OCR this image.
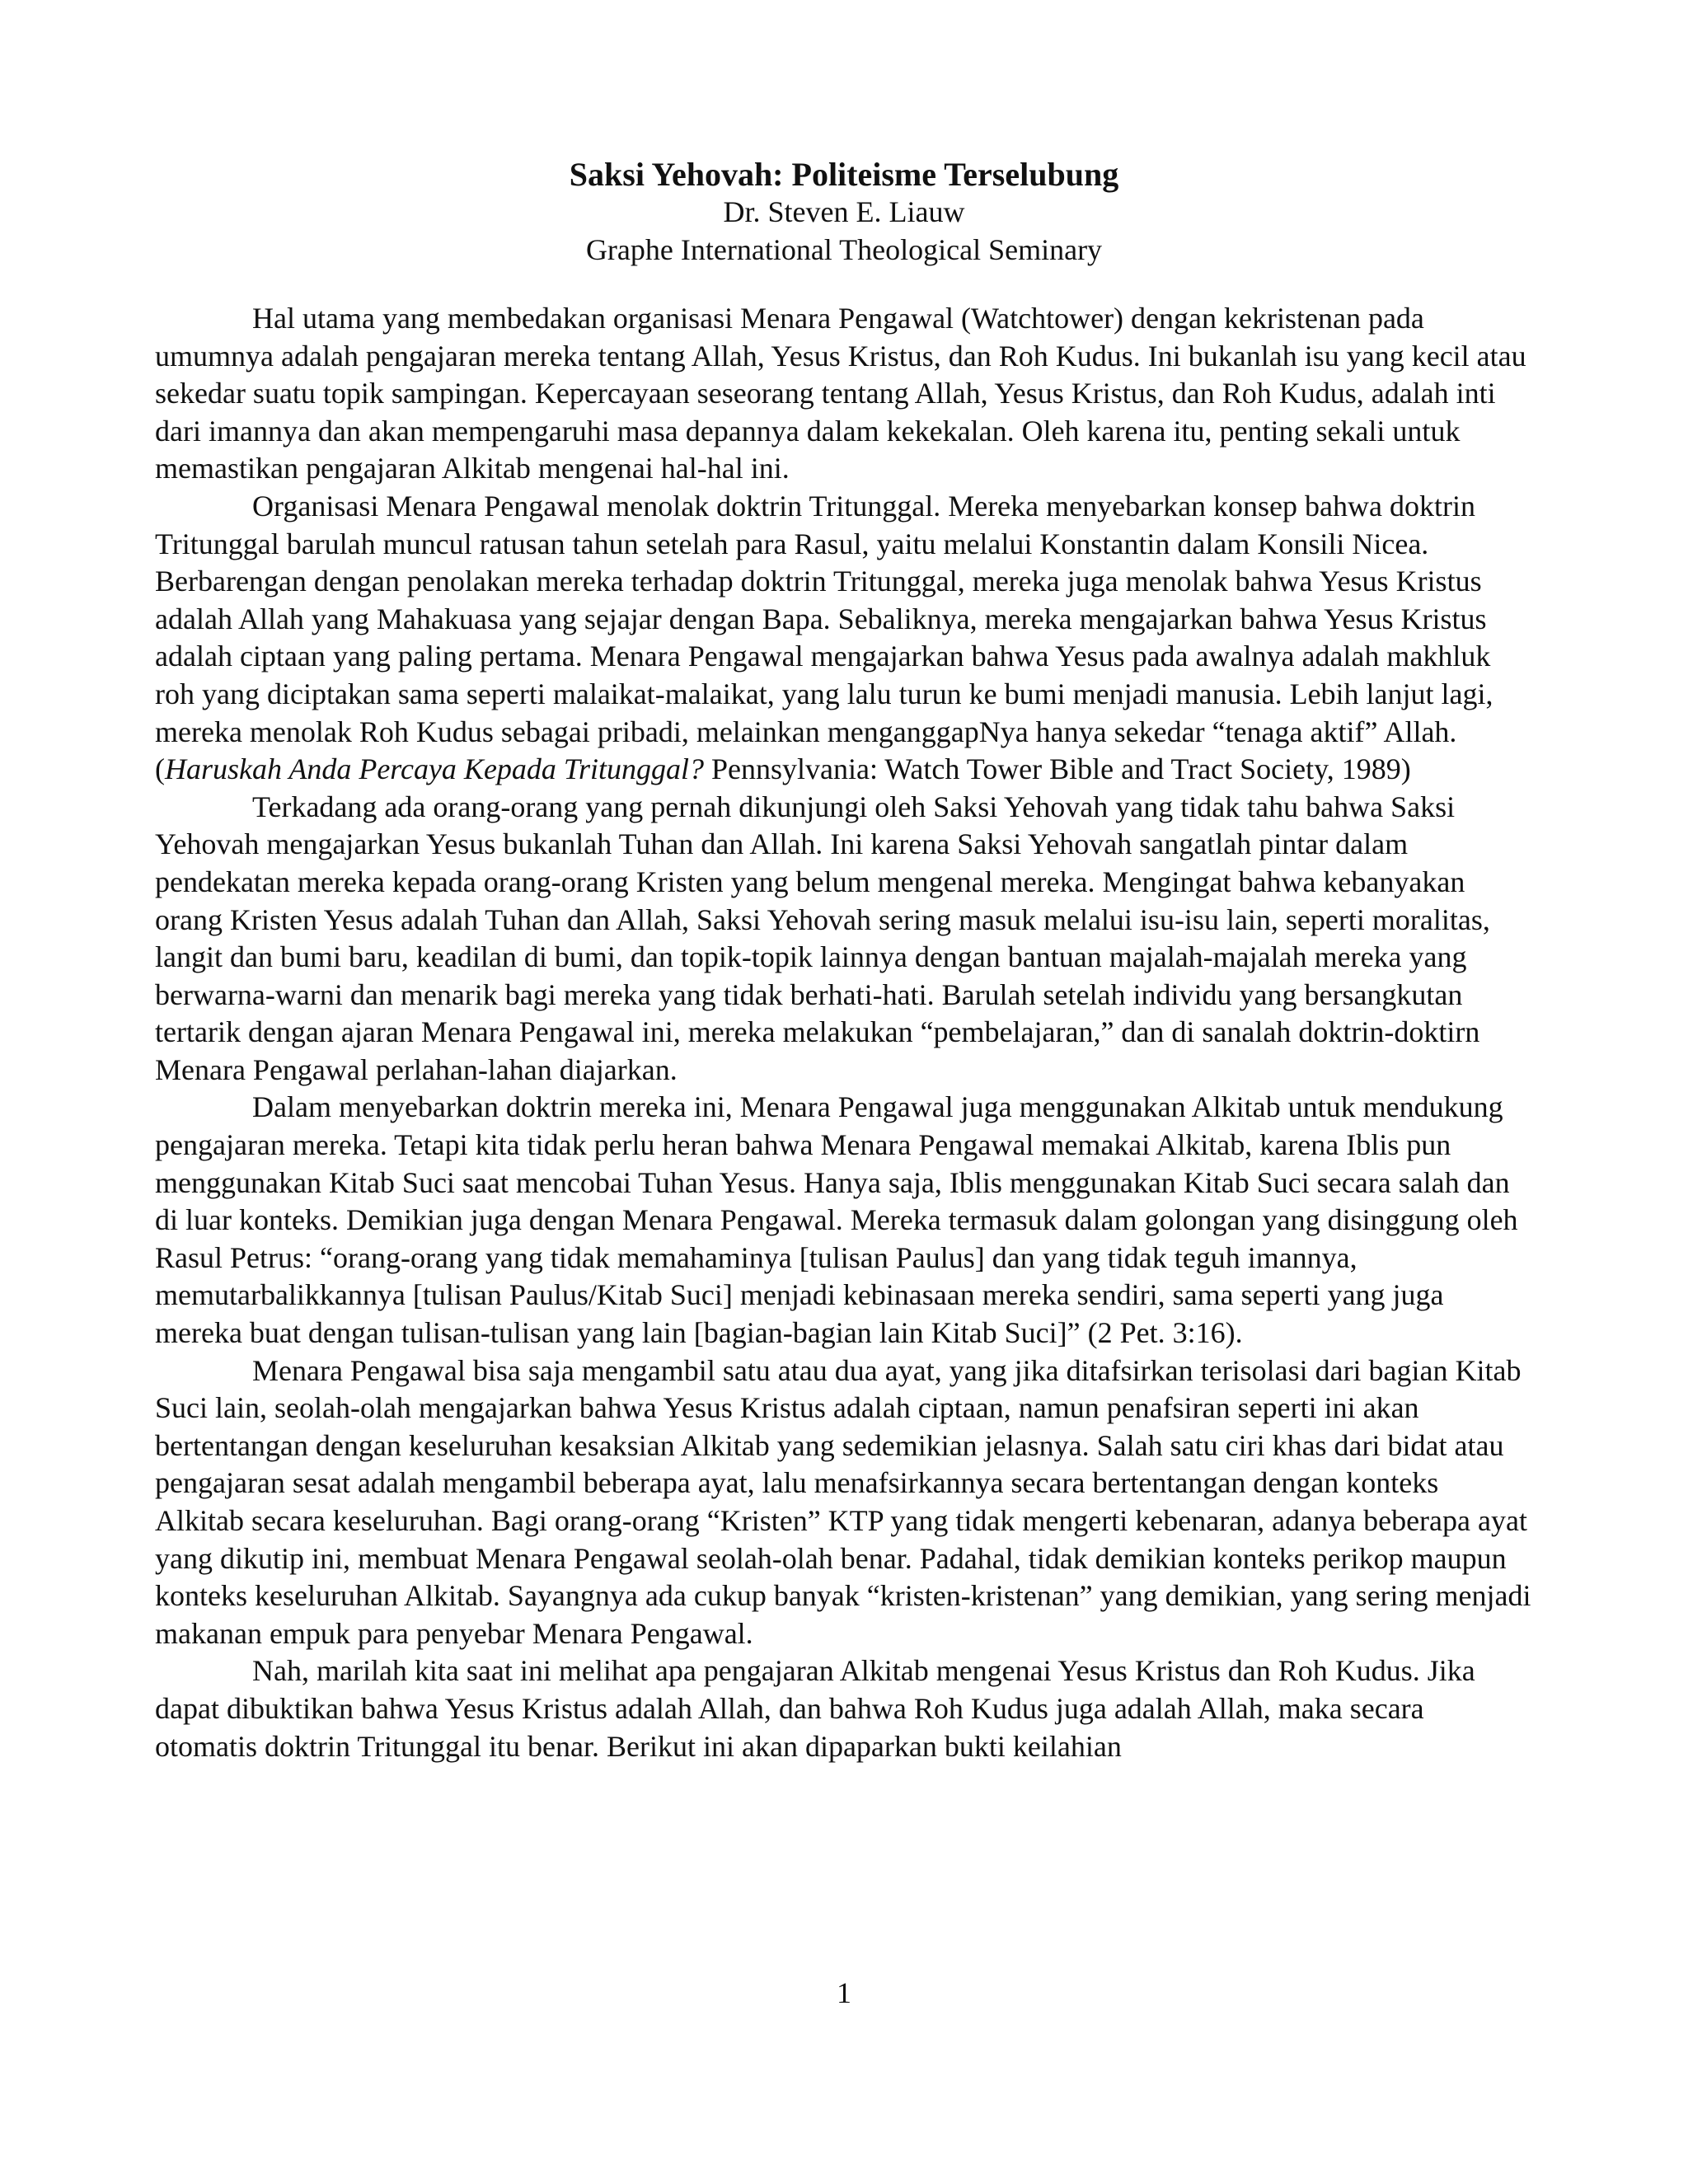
Saksi Yehovah: Politeisme Terselubung
Dr. Steven E. Liauw
Graphe International Theological Seminary

Hal utama yang membedakan organisasi Menara Pengawal (Watchtower) dengan kekristenan pada umumnya adalah pengajaran mereka tentang Allah, Yesus Kristus, dan Roh Kudus. Ini bukanlah isu yang kecil atau sekedar suatu topik sampingan. Kepercayaan seseorang tentang Allah, Yesus Kristus, dan Roh Kudus, adalah inti dari imannya dan akan mempengaruhi masa depannya dalam kekekalan. Oleh karena itu, penting sekali untuk memastikan pengajaran Alkitab mengenai hal-hal ini.

Organisasi Menara Pengawal menolak doktrin Tritunggal. Mereka menyebarkan konsep bahwa doktrin Tritunggal barulah muncul ratusan tahun setelah para Rasul, yaitu melalui Konstantin dalam Konsili Nicea. Berbarengan dengan penolakan mereka terhadap doktrin Tritunggal, mereka juga menolak bahwa Yesus Kristus adalah Allah yang Mahakuasa yang sejajar dengan Bapa. Sebaliknya, mereka mengajarkan bahwa Yesus Kristus adalah ciptaan yang paling pertama. Menara Pengawal mengajarkan bahwa Yesus pada awalnya adalah makhluk roh yang diciptakan sama seperti malaikat-malaikat, yang lalu turun ke bumi menjadi manusia. Lebih lanjut lagi, mereka menolak Roh Kudus sebagai pribadi, melainkan menganggapNya hanya sekedar “tenaga aktif” Allah. (Haruskah Anda Percaya Kepada Tritunggal? Pennsylvania: Watch Tower Bible and Tract Society, 1989)

Terkadang ada orang-orang yang pernah dikunjungi oleh Saksi Yehovah yang tidak tahu bahwa Saksi Yehovah mengajarkan Yesus bukanlah Tuhan dan Allah. Ini karena Saksi Yehovah sangatlah pintar dalam pendekatan mereka kepada orang-orang Kristen yang belum mengenal mereka. Mengingat bahwa kebanyakan orang Kristen Yesus adalah Tuhan dan Allah, Saksi Yehovah sering masuk melalui isu-isu lain, seperti moralitas, langit dan bumi baru, keadilan di bumi, dan topik-topik lainnya dengan bantuan majalah-majalah mereka yang berwarna-warni dan menarik bagi mereka yang tidak berhati-hati. Barulah setelah individu yang bersangkutan tertarik dengan ajaran Menara Pengawal ini, mereka melakukan “pembelajaran,” dan di sanalah doktrin-doktirn Menara Pengawal perlahan-lahan diajarkan.

Dalam menyebarkan doktrin mereka ini, Menara Pengawal juga menggunakan Alkitab untuk mendukung pengajaran mereka. Tetapi kita tidak perlu heran bahwa Menara Pengawal memakai Alkitab, karena Iblis pun menggunakan Kitab Suci saat mencobai Tuhan Yesus. Hanya saja, Iblis menggunakan Kitab Suci secara salah dan di luar konteks. Demikian juga dengan Menara Pengawal. Mereka termasuk dalam golongan yang disinggung oleh Rasul Petrus: “orang-orang yang tidak memahaminya [tulisan Paulus] dan yang tidak teguh imannya, memutarbalikkannya [tulisan Paulus/Kitab Suci] menjadi kebinasaan mereka sendiri, sama seperti yang juga mereka buat dengan tulisan-tulisan yang lain [bagian-bagian lain Kitab Suci]” (2 Pet. 3:16).

Menara Pengawal bisa saja mengambil satu atau dua ayat, yang jika ditafsirkan terisolasi dari bagian Kitab Suci lain, seolah-olah mengajarkan bahwa Yesus Kristus adalah ciptaan, namun penafsiran seperti ini akan bertentangan dengan keseluruhan kesaksian Alkitab yang sedemikian jelasnya. Salah satu ciri khas dari bidat atau pengajaran sesat adalah mengambil beberapa ayat, lalu menafsirkannya secara bertentangan dengan konteks Alkitab secara keseluruhan. Bagi orang-orang “Kristen” KTP yang tidak mengerti kebenaran, adanya beberapa ayat yang dikutip ini, membuat Menara Pengawal seolah-olah benar. Padahal, tidak demikian konteks perikop maupun konteks keseluruhan Alkitab. Sayangnya ada cukup banyak “kristen-kristenan” yang demikian, yang sering menjadi makanan empuk para penyebar Menara Pengawal.

Nah, marilah kita saat ini melihat apa pengajaran Alkitab mengenai Yesus Kristus dan Roh Kudus. Jika dapat dibuktikan bahwa Yesus Kristus adalah Allah, dan bahwa Roh Kudus juga adalah Allah, maka secara otomatis doktrin Tritunggal itu benar. Berikut ini akan dipaparkan bukti keilahian

1
